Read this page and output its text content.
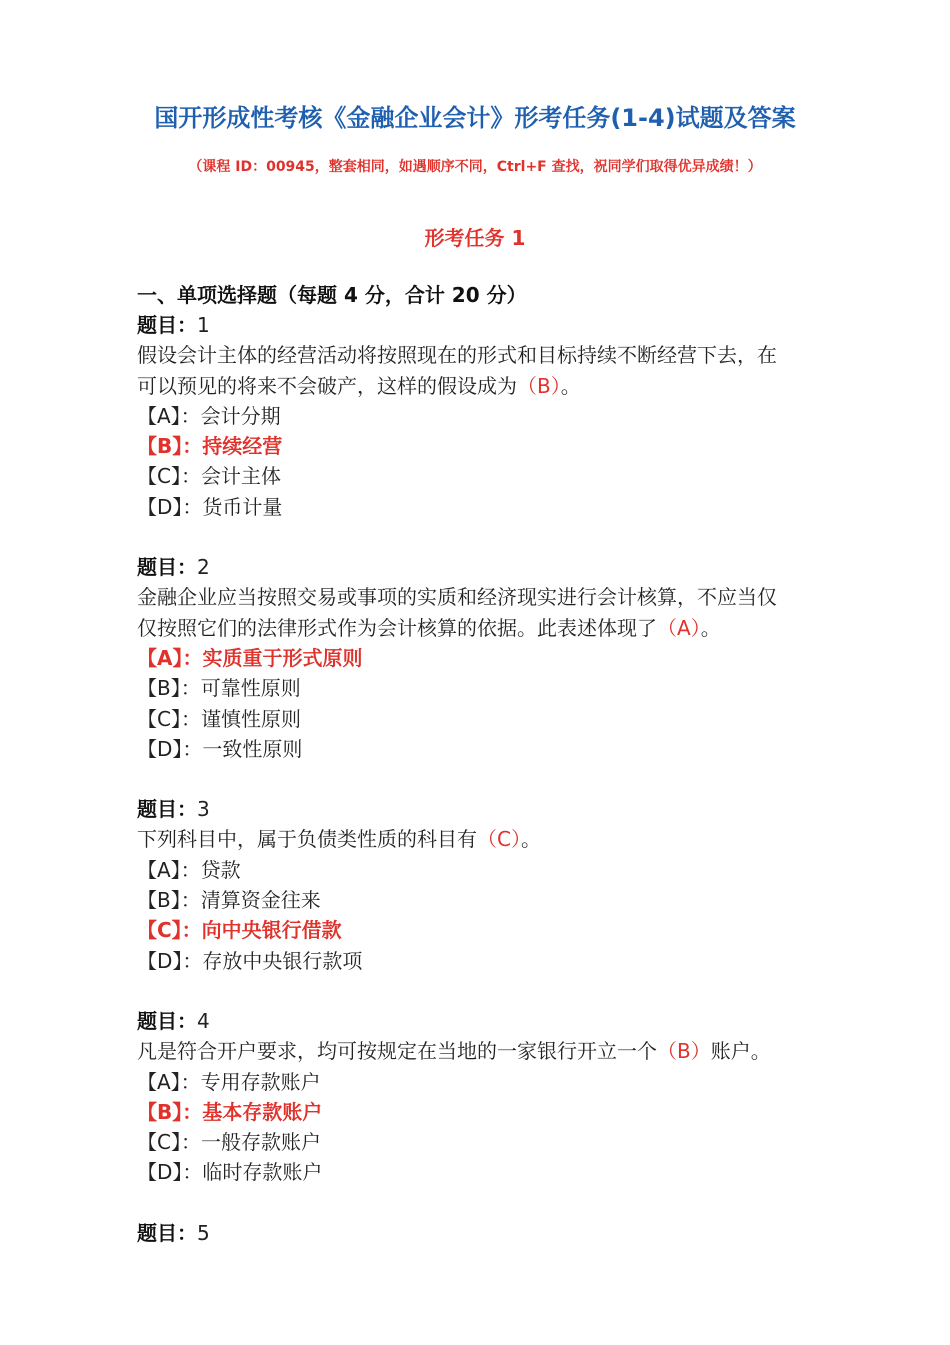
国开形成性考核《金融企业会计》形考任务(1-4)试题及答案
（课程 ID：00945，整套相同，如遇顺序不同，Ctrl+F 查找，祝同学们取得优异成绩！）
形考任务 1
一、单项选择题（每题 4 分，合计 20 分）
题目：1
假设会计主体的经营活动将按照现在的形式和目标持续不断经营下去，在
可以预见的将来不会破产，这样的假设成为（B）。
【A】：会计分期
【B】：持续经营
【C】：会计主体
【D】：货币计量
题目：2
金融企业应当按照交易或事项的实质和经济现实进行会计核算，不应当仅
仅按照它们的法律形式作为会计核算的依据。此表述体现了（A）。
【A】：实质重于形式原则
【B】：可靠性原则
【C】：谨慎性原则
【D】：一致性原则
题目：3
下列科目中，属于负债类性质的科目有（C）。
【A】：贷款
【B】：清算资金往来
【C】：向中央银行借款
【D】：存放中央银行款项
题目：4
凡是符合开户要求，均可按规定在当地的一家银行开立一个（B）账户。
【A】：专用存款账户
【B】：基本存款账户
【C】：一般存款账户
【D】：临时存款账户
题目：5
